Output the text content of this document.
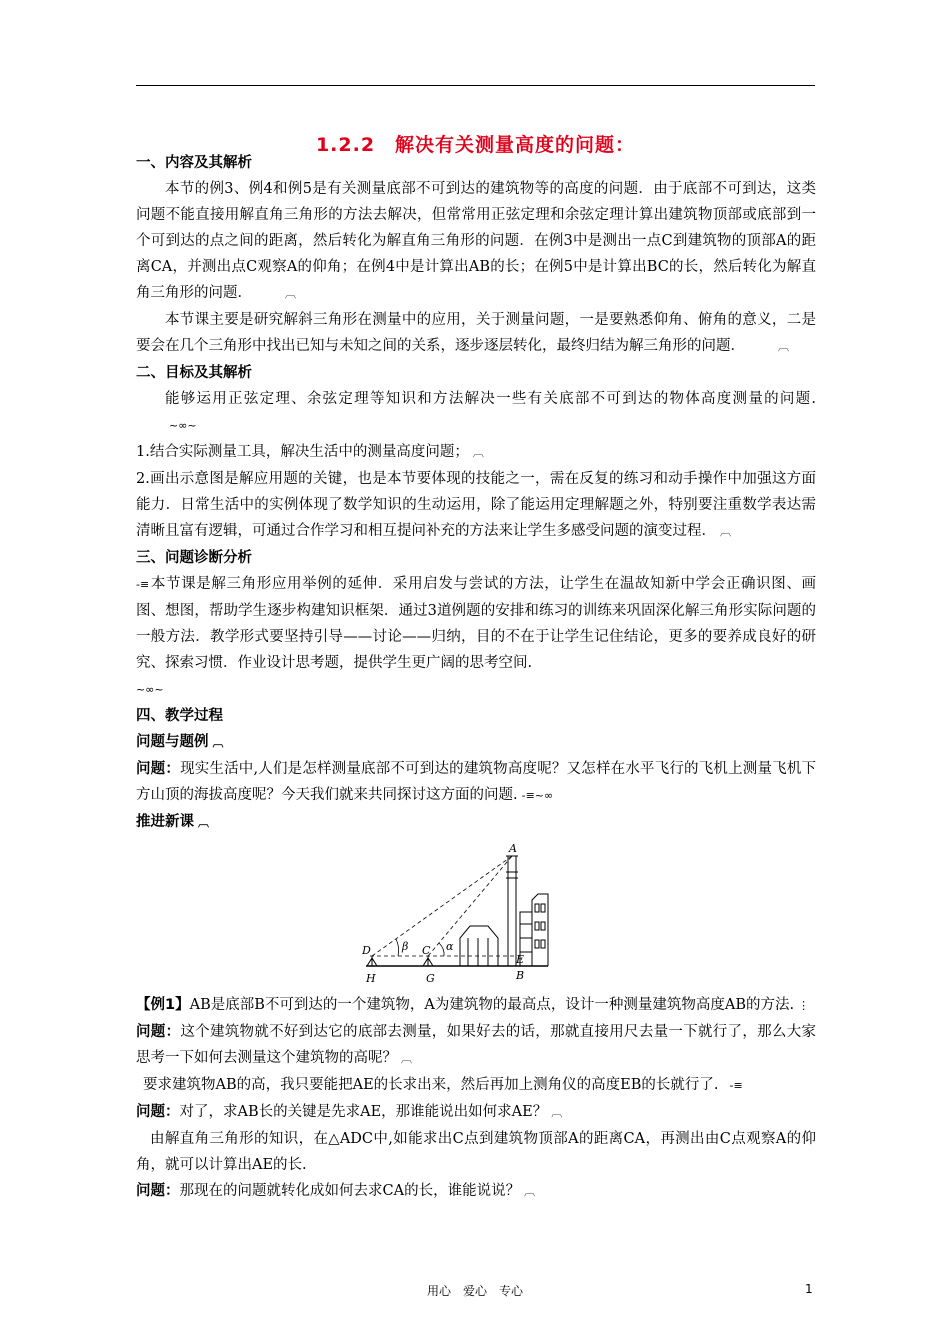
1.2.2　解决有关测量高度的问题：

一、内容及其解析

本节的例3、例4和例5是有关测量底部不可到达的建筑物等的高度的问题．由于底部不可到达，这类问题不能直接用解直角三角形的方法去解决，但常常用正弦定理和余弦定理计算出建筑物顶部或底部到一个可到达的点之间的距离，然后转化为解直角三角形的问题．在例3中是测出一点C到建筑物的顶部A的距离CA，并测出点C观察A的仰角；在例4中是计算出AB的长；在例5中是计算出BC的长，然后转化为解直角三角形的问题．	︹

本节课主要是研究解斜三角形在测量中的应用，关于测量问题，一是要熟悉仰角、俯角的意义，二是要会在几个三角形中找出已知与未知之间的关系，逐步逐层转化，最终归结为解三角形的问题．	︹

二、目标及其解析

能够运用正弦定理、余弦定理等知识和方法解决一些有关底部不可到达的物体高度测量的问题.~∞~

1.结合实际测量工具，解决生活中的测量高度问题； ︹

2.画出示意图是解应用题的关键，也是本节要体现的技能之一，需在反复的练习和动手操作中加强这方面能力．日常生活中的实例体现了数学知识的生动运用，除了能运用定理解题之外，特别要注重数学表达需清晰且富有逻辑，可通过合作学习和相互提问补充的方法来让学生多感受问题的演变过程． ︹

三、问题诊断分析

-≡本节课是解三角形应用举例的延伸．采用启发与尝试的方法，让学生在温故知新中学会正确识图、画图、想图，帮助学生逐步构建知识框架．通过3道例题的安排和练习的训练来巩固深化解三角形实际问题的一般方法．教学形式要坚持引导——讨论——归纳，目的不在于让学生记住结论，更多的要养成良好的研究、探索习惯．作业设计思考题，提供学生更广阔的思考空间.

~∞~

四、教学过程

问题与题例 ︹

问题：现实生活中,人们是怎样测量底部不可到达的建筑物高度呢？又怎样在水平飞行的飞机上测量飞机下方山顶的海拔高度呢？今天我们就来共同探讨这方面的问题. -≡~∞

推进新课 ︹

A
B
C
D
E
G
H
α
β

【例1】AB是底部B不可到达的一个建筑物，A为建筑物的最高点，设计一种测量建筑物高度AB的方法. ⋮

问题：这个建筑物就不好到达它的底部去测量，如果好去的话，那就直接用尺去量一下就行了，那么大家思考一下如何去测量这个建筑物的高呢？ ︹

要求建筑物AB的高，我只要能把AE的长求出来，然后再加上测角仪的高度EB的长就行了. -≡

问题：对了，求AB长的关键是先求AE，那谁能说出如何求AE？ ︹

由解直角三角形的知识，在△ADC中,如能求出C点到建筑物顶部A的距离CA，再测出由C点观察A的仰角，就可以计算出AE的长.

问题：那现在的问题就转化成如何去求CA的长，谁能说说？ ︹

用心　爱心　专心	1
